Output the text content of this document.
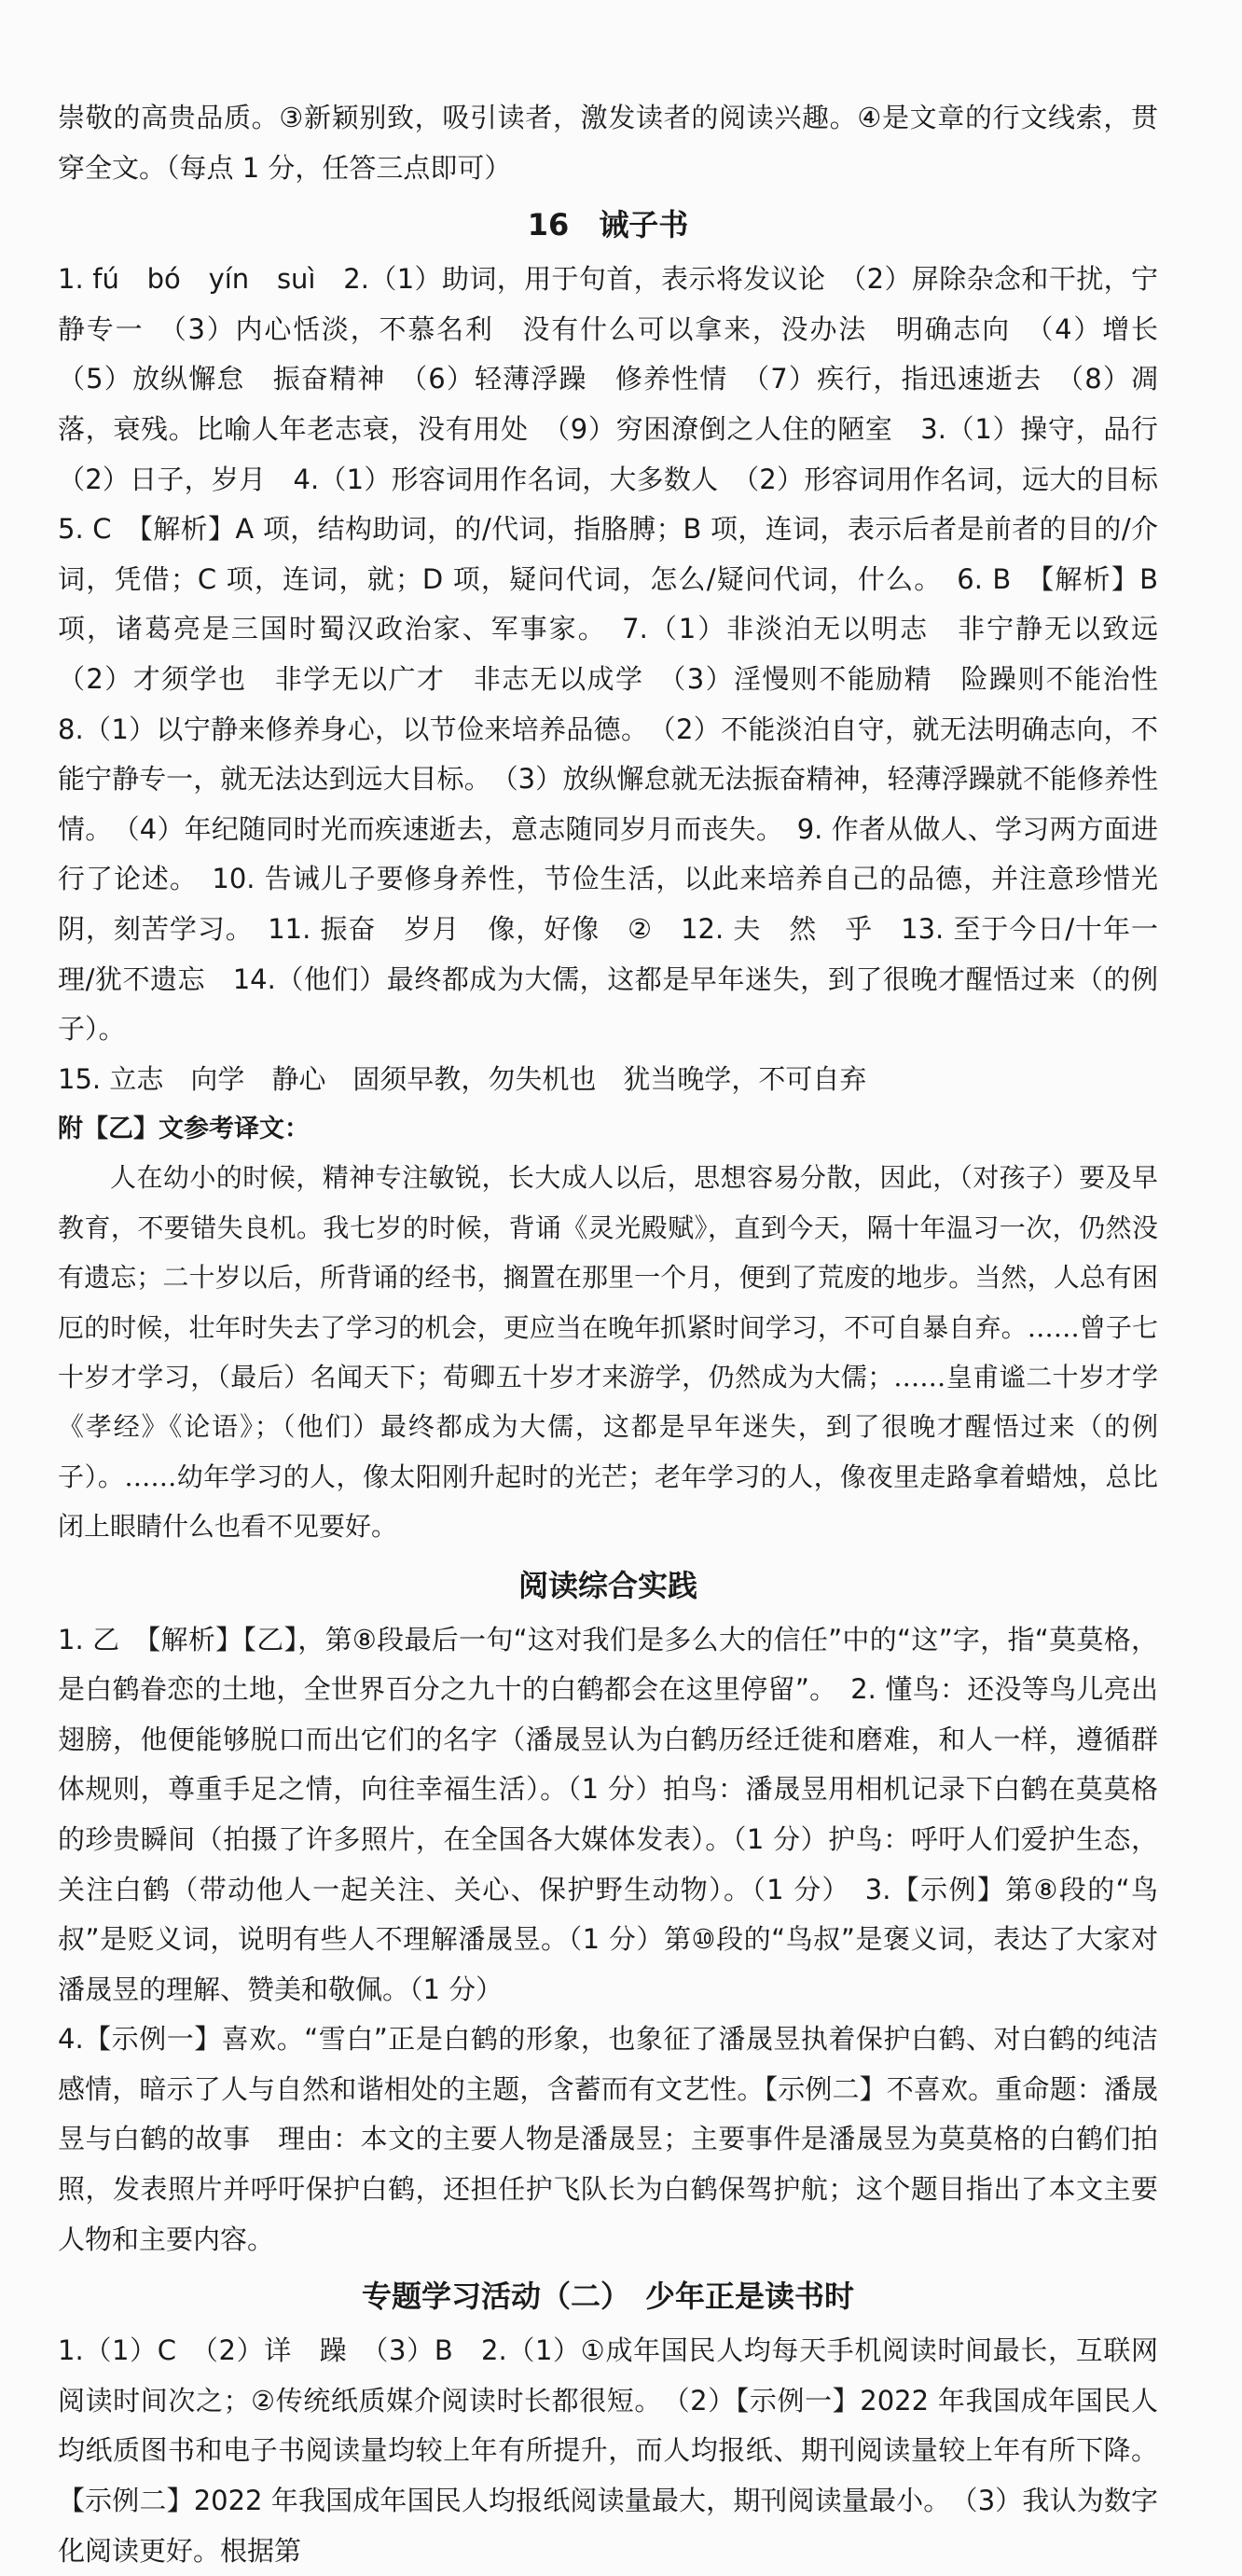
崇敬的高贵品质。③新颖别致，吸引读者，激发读者的阅读兴趣。④是文章的行文线索，贯穿全文。（每点 1 分，任答三点即可）

16　诫子书

1. fú　bó　yín　suì　2.（1）助词，用于句首，表示将发议论　（2）屏除杂念和干扰，宁静专一　（3）内心恬淡，不慕名利　没有什么可以拿来，没办法　明确志向　（4）增长　（5）放纵懈怠　振奋精神　（6）轻薄浮躁　修养性情　（7）疾行，指迅速逝去　（8）凋落，衰残。比喻人年老志衰，没有用处　（9）穷困潦倒之人住的陋室　3.（1）操守，品行　（2）日子，岁月　4.（1）形容词用作名词，大多数人　（2）形容词用作名词，远大的目标　5. C　【解析】A 项，结构助词，的/代词，指胳膊；B 项，连词，表示后者是前者的目的/介词，凭借；C 项，连词，就；D 项，疑问代词，怎么/疑问代词，什么。　6. B　【解析】B 项，诸葛亮是三国时蜀汉政治家、军事家。　7.（1）非淡泊无以明志　非宁静无以致远　（2）才须学也　非学无以广才　非志无以成学　（3）淫慢则不能励精　险躁则不能治性　8.（1）以宁静来修养身心，以节俭来培养品德。　（2）不能淡泊自守，就无法明确志向，不能宁静专一，就无法达到远大目标。　（3）放纵懈怠就无法振奋精神，轻薄浮躁就不能修养性情。　（4）年纪随同时光而疾速逝去，意志随同岁月而丧失。　9. 作者从做人、学习两方面进行了论述。　10. 告诫儿子要修身养性，节俭生活，以此来培养自己的品德，并注意珍惜光阴，刻苦学习。　11. 振奋　岁月　像，好像　②　12. 夫　然　乎　13. 至于今日/十年一理/犹不遗忘　14.（他们）最终都成为大儒，这都是早年迷失，到了很晚才醒悟过来（的例子）。

15. 立志　向学　静心　固须早教，勿失机也　犹当晚学，不可自弃

附【乙】文参考译文：

人在幼小的时候，精神专注敏锐，长大成人以后，思想容易分散，因此，（对孩子）要及早教育，不要错失良机。我七岁的时候，背诵《灵光殿赋》，直到今天，隔十年温习一次，仍然没有遗忘；二十岁以后，所背诵的经书，搁置在那里一个月，便到了荒废的地步。当然，人总有困厄的时候，壮年时失去了学习的机会，更应当在晚年抓紧时间学习，不可自暴自弃。……曾子七十岁才学习，（最后）名闻天下；荀卿五十岁才来游学，仍然成为大儒；……皇甫谧二十岁才学《孝经》《论语》；（他们）最终都成为大儒，这都是早年迷失，到了很晚才醒悟过来（的例子）。……幼年学习的人，像太阳刚升起时的光芒；老年学习的人，像夜里走路拿着蜡烛，总比闭上眼睛什么也看不见要好。

阅读综合实践

1. 乙　【解析】【乙】，第⑧段最后一句“这对我们是多么大的信任”中的“这”字，指“莫莫格，是白鹤眷恋的土地，全世界百分之九十的白鹤都会在这里停留”。　2. 懂鸟：还没等鸟儿亮出翅膀，他便能够脱口而出它们的名字（潘晟昱认为白鹤历经迁徙和磨难，和人一样，遵循群体规则，尊重手足之情，向往幸福生活）。（1 分）拍鸟：潘晟昱用相机记录下白鹤在莫莫格的珍贵瞬间（拍摄了许多照片，在全国各大媒体发表）。（1 分）护鸟：呼吁人们爱护生态，关注白鹤（带动他人一起关注、关心、保护野生动物）。（1 分）　3.【示例】第⑧段的“鸟叔”是贬义词，说明有些人不理解潘晟昱。（1 分）第⑩段的“鸟叔”是褒义词，表达了大家对潘晟昱的理解、赞美和敬佩。（1 分）

4.【示例一】喜欢。“雪白”正是白鹤的形象，也象征了潘晟昱执着保护白鹤、对白鹤的纯洁感情，暗示了人与自然和谐相处的主题，含蓄而有文艺性。【示例二】不喜欢。重命题：潘晟昱与白鹤的故事　理由：本文的主要人物是潘晟昱；主要事件是潘晟昱为莫莫格的白鹤们拍照，发表照片并呼吁保护白鹤，还担任护飞队长为白鹤保驾护航；这个题目指出了本文主要人物和主要内容。

专题学习活动（二）　少年正是读书时

1.（1）C　（2）详　躁　（3）B　2.（1）①成年国民人均每天手机阅读时间最长，互联网阅读时间次之；②传统纸质媒介阅读时长都很短。　（2）【示例一】2022 年我国成年国民人均纸质图书和电子书阅读量均较上年有所提升，而人均报纸、期刊阅读量较上年有所下降。【示例二】2022 年我国成年国民人均报纸阅读量最大，期刊阅读量最小。　（3）我认为数字化阅读更好。根据第
